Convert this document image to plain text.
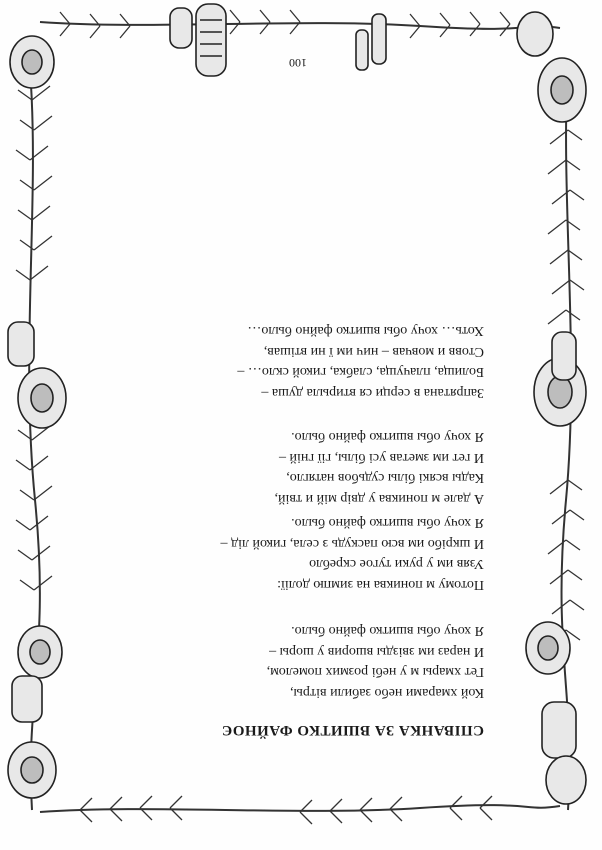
СПІВАНКА ЗА ВШИТКО ФАЙНОЄ
Кой хмарами небо забили вітры,
Гет хмары м у небі розмих помелом,
И нараз им звізды вшорив у шоры –
Я хочу обы вшитко файно было.
Потому м пониква на зимпю долії:
Узяв им у руки тугое скребло
И шкрібо им всю паскудь з села, гикой лід –
Я хочу обы вшитко файно было.
А дале м пониква у двір мій и твій,
Кады всякі білы судьбов натягло,
И гет им зметав усі білы, гії гній –
Я хочу обы вшитко файно было.
Запрятана в серци ся втирыла душа –
Болища, плачуща, слабка, гикой скло… –
Стовв и мовчав – нич им ї ни втішав,
Хоть… хочу обы вшитко файно было…
100
